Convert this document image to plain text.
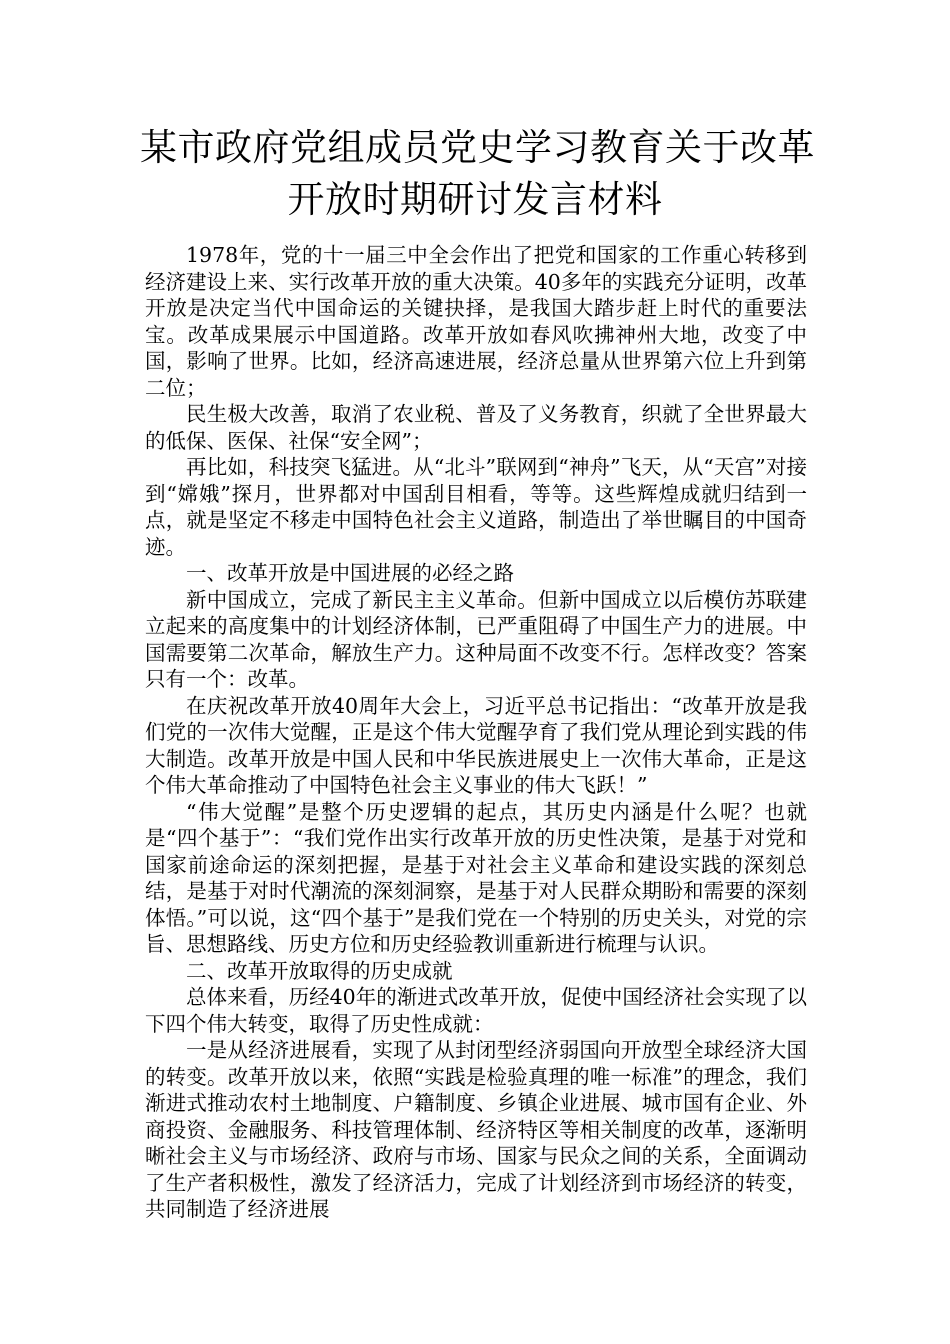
某市政府党组成员党史学习教育关于改革
开放时期研讨发言材料

1978年，党的十一届三中全会作出了把党和国家的工作重心转移到经济建设上来、实行改革开放的重大决策。40多年的实践充分证明，改革开放是决定当代中国命运的关键抉择，是我国大踏步赶上时代的重要法宝。改革成果展示中国道路。改革开放如春风吹拂神州大地，改变了中国，影响了世界。比如，经济高速进展，经济总量从世界第六位上升到第二位；

民生极大改善，取消了农业税、普及了义务教育，织就了全世界最大的低保、医保、社保“安全网”；

再比如，科技突飞猛进。从“北斗”联网到“神舟”飞天，从“天宫”对接到“嫦娥”探月，世界都对中国刮目相看，等等。这些辉煌成就归结到一点，就是坚定不移走中国特色社会主义道路，制造出了举世瞩目的中国奇迹。

一、改革开放是中国进展的必经之路

新中国成立，完成了新民主主义革命。但新中国成立以后模仿苏联建立起来的高度集中的计划经济体制，已严重阻碍了中国生产力的进展。中国需要第二次革命，解放生产力。这种局面不改变不行。怎样改变？答案只有一个：改革。

在庆祝改革开放40周年大会上，习近平总书记指出：“改革开放是我们党的一次伟大觉醒，正是这个伟大觉醒孕育了我们党从理论到实践的伟大制造。改革开放是中国人民和中华民族进展史上一次伟大革命，正是这个伟大革命推动了中国特色社会主义事业的伟大飞跃！”

“伟大觉醒”是整个历史逻辑的起点，其历史内涵是什么呢？也就是“四个基于”：“我们党作出实行改革开放的历史性决策，是基于对党和国家前途命运的深刻把握，是基于对社会主义革命和建设实践的深刻总结，是基于对时代潮流的深刻洞察，是基于对人民群众期盼和需要的深刻体悟。”可以说，这“四个基于”是我们党在一个特别的历史关头，对党的宗旨、思想路线、历史方位和历史经验教训重新进行梳理与认识。

二、改革开放取得的历史成就

总体来看，历经40年的渐进式改革开放，促使中国经济社会实现了以下四个伟大转变，取得了历史性成就：

一是从经济进展看，实现了从封闭型经济弱国向开放型全球经济大国的转变。改革开放以来，依照“实践是检验真理的唯一标准”的理念，我们渐进式推动农村土地制度、户籍制度、乡镇企业进展、城市国有企业、外商投资、金融服务、科技管理体制、经济特区等相关制度的改革，逐渐明晰社会主义与市场经济、政府与市场、国家与民众之间的关系，全面调动了生产者积极性，激发了经济活力，完成了计划经济到市场经济的转变，共同制造了经济进展
